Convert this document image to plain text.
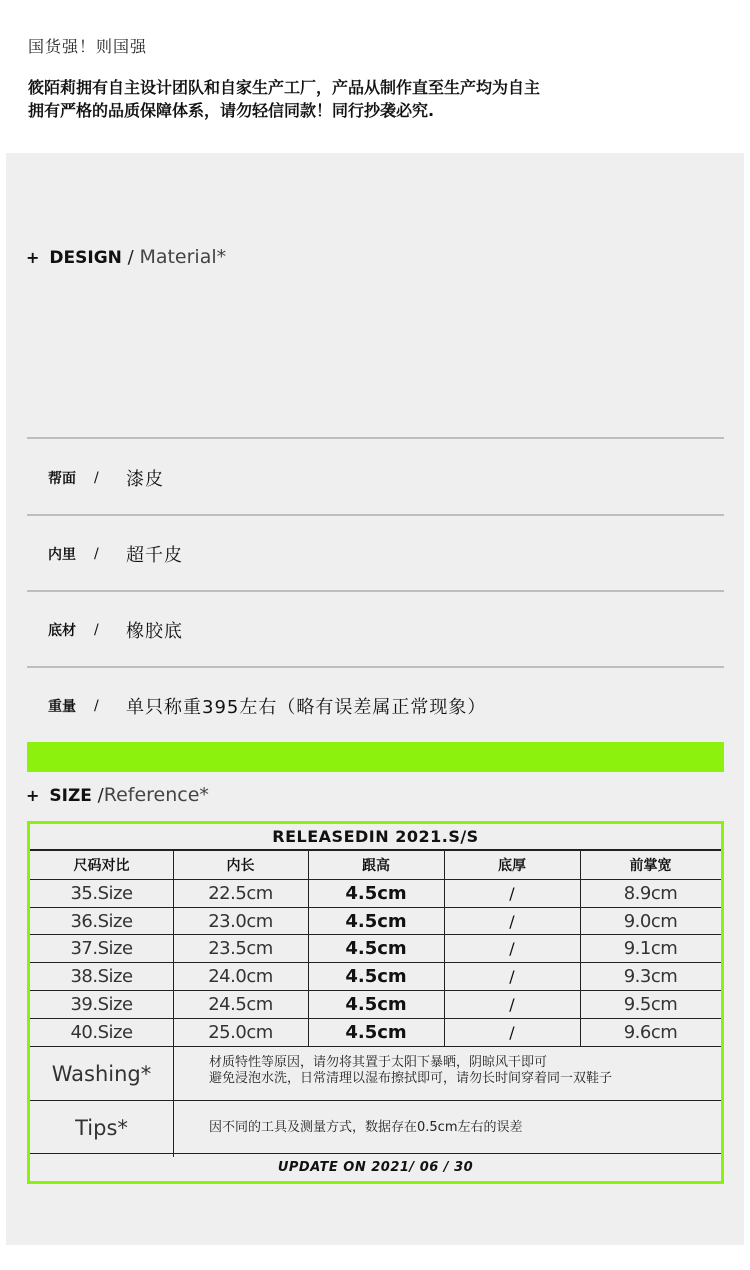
国货强！则国强
筱陌莉拥有自主设计团队和自家生产工厂，产品从制作直至生产均为自主
拥有严格的品质保障体系，请勿轻信同款！同行抄袭必究.
+ DESIGN / Material*
帮面	/	漆皮
内里	/	超千皮
底材	/	橡胶底
重量	/	单只称重395左右（略有误差属正常现象）
+ SIZE /Reference*
RELEASEDIN 2021.S/S
尺码对比	内长	跟高	底厚	前掌宽
35.Size	22.5cm	4.5cm	/	8.9cm
36.Size	23.0cm	4.5cm	/	9.0cm
37.Size	23.5cm	4.5cm	/	9.1cm
38.Size	24.0cm	4.5cm	/	9.3cm
39.Size	24.5cm	4.5cm	/	9.5cm
40.Size	25.0cm	4.5cm	/	9.6cm
Washing*	材质特性等原因，请勿将其置于太阳下暴晒，阴晾风干即可
避免浸泡水洗，日常清理以湿布擦拭即可，请勿长时间穿着同一双鞋子
Tips*	因不同的工具及测量方式，数据存在0.5cm左右的误差
UPDATE ON 2021/ 06 / 30
